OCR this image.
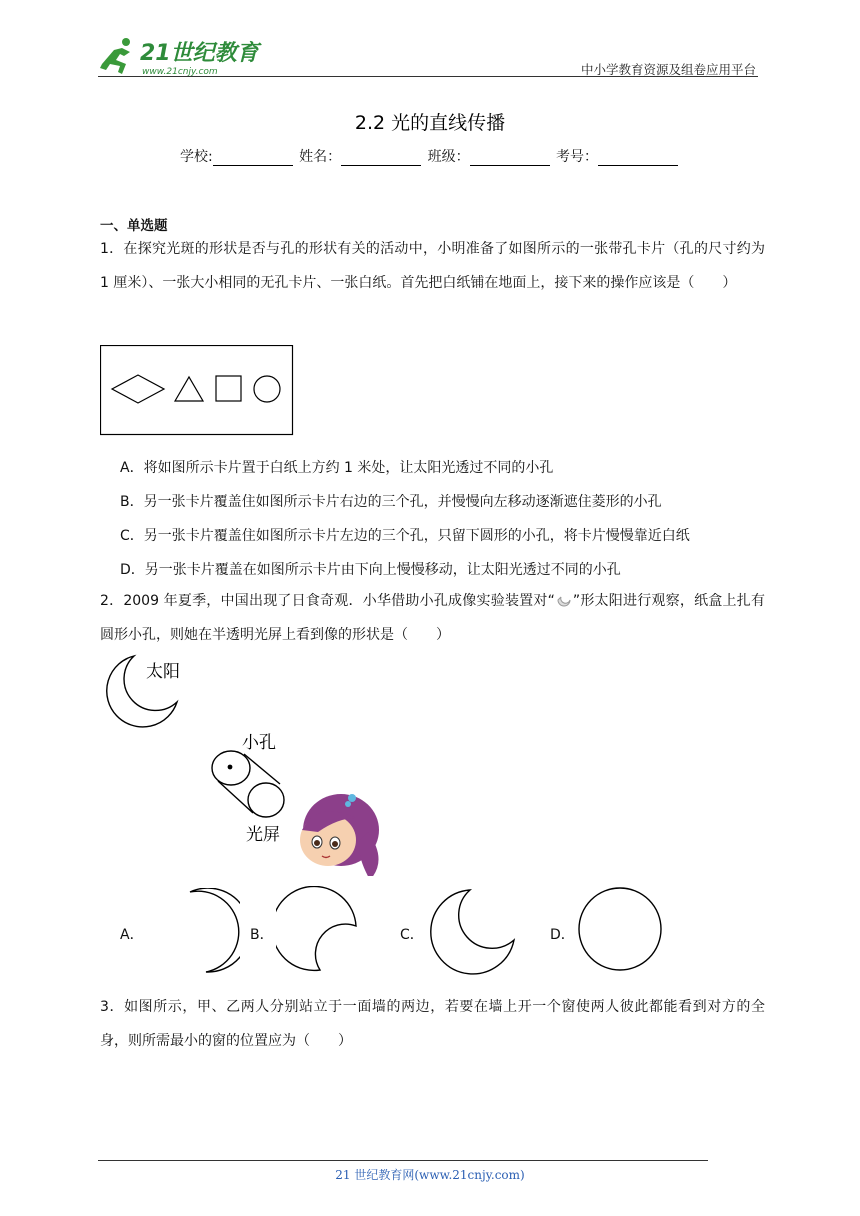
21世纪教育
www.21cnjy.com	中小学教育资源及组卷应用平台
2.2 光的直线传播
学校:	姓名：	班级：	考号：
一、单选题
1．在探究光斑的形状是否与孔的形状有关的活动中，小明准备了如图所示的一张带孔卡片（孔的尺寸约为 1 厘米）、一张大小相同的无孔卡片、一张白纸。首先把白纸铺在地面上，接下来的操作应该是（　　）
A．将如图所示卡片置于白纸上方约 1 米处，让太阳光透过不同的小孔
B．另一张卡片覆盖住如图所示卡片右边的三个孔，并慢慢向左移动逐渐遮住菱形的小孔
C．另一张卡片覆盖住如图所示卡片左边的三个孔，只留下圆形的小孔，将卡片慢慢靠近白纸
D．另一张卡片覆盖在如图所示卡片由下向上慢慢移动，让太阳光透过不同的小孔
2．2009 年夏季，中国出现了日食奇观．小华借助小孔成像实验装置对“ ”形太阳进行观察，纸盒上扎有圆形小孔，则她在半透明光屏上看到像的形状是（　　）
太阳
小孔
光屏
A．	B．	C．	D．
3．如图所示，甲、乙两人分别站立于一面墙的两边，若要在墙上开一个窗使两人彼此都能看到对方的全身，则所需最小的窗的位置应为（　　）
21 世纪教育网(www.21cnjy.com)
